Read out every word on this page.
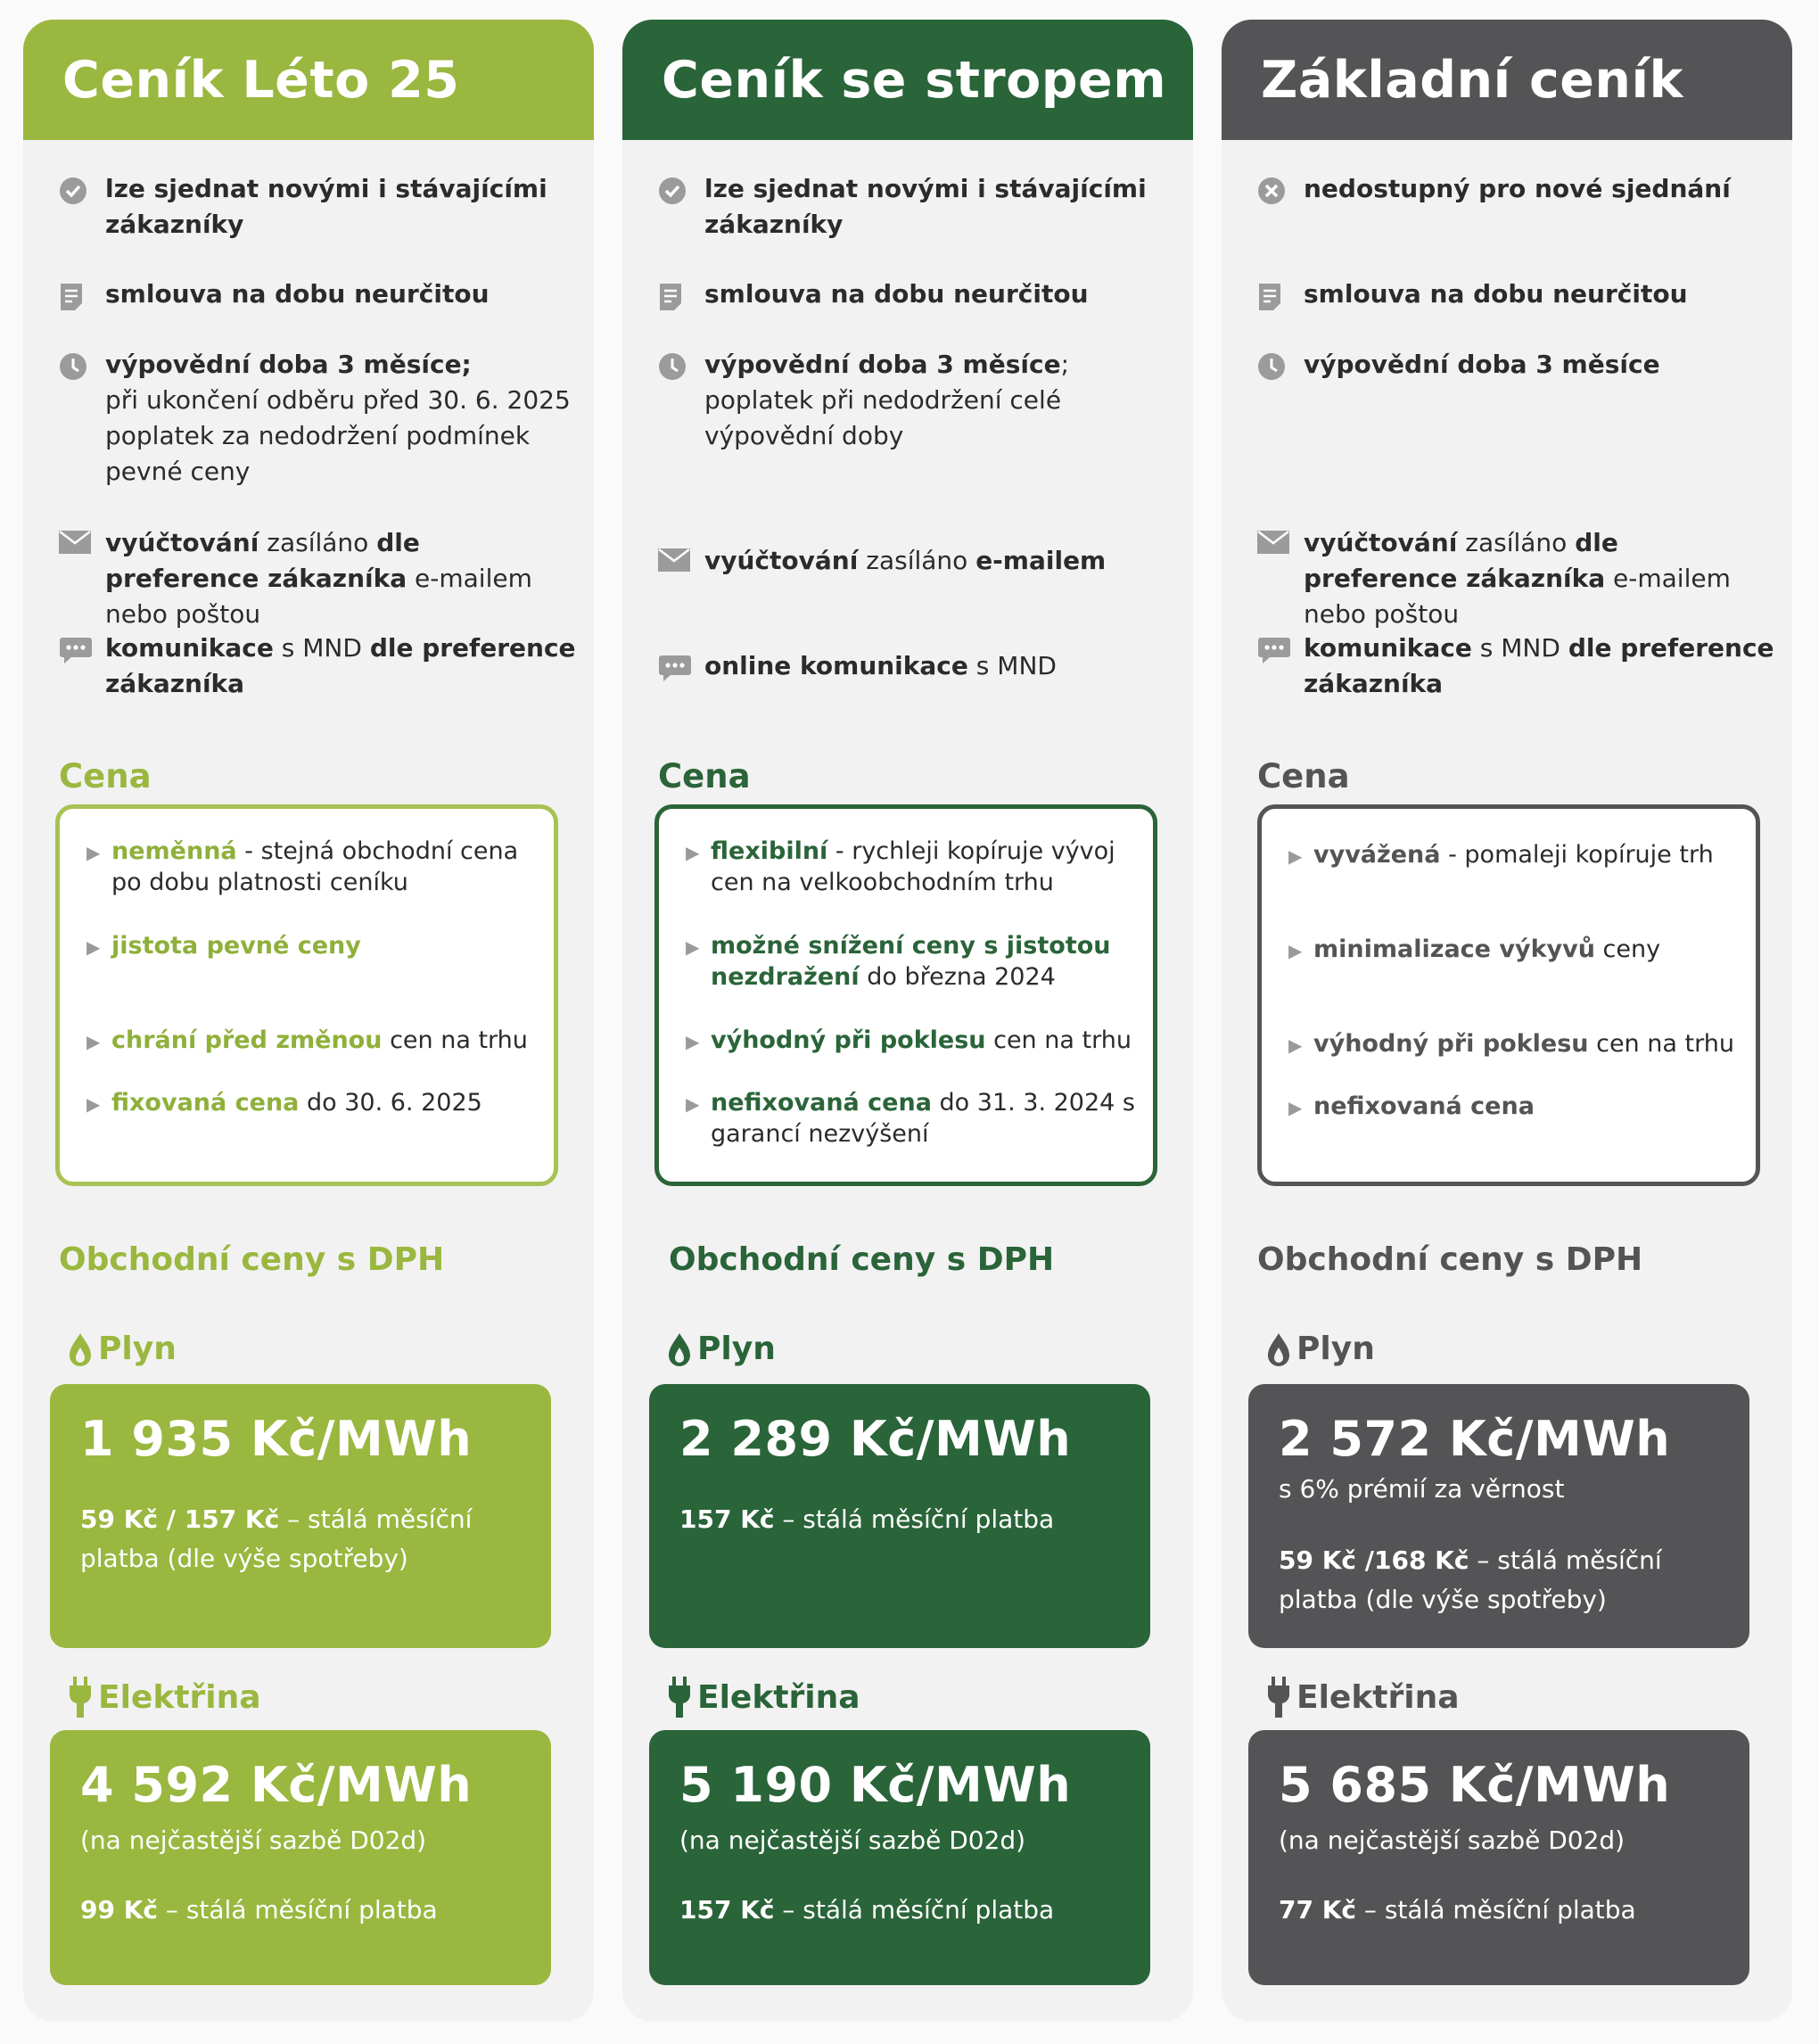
Ceník Léto 25
lze sjednat novými i stávajícími zákazníky
smlouva na dobu neurčitou
výpovědní doba 3 měsíce;
při ukončení odběru před 30. 6. 2025 poplatek za nedodržení podmínek pevné ceny
vyúčtování zasíláno dle preference zákazníka e-mailem nebo poštou
komunikace s MND dle preference zákazníka
Cena
▶ neměnná - stejná obchodní cena po dobu platnosti ceníku
▶ jistota pevné ceny
▶ chrání před změnou cen na trhu
▶ fixovaná cena do 30. 6. 2025
Obchodní ceny s DPH
Plyn

1 935 Kč/MWh

59 Kč / 157 Kč – stálá měsíční platba (dle výše spotřeby)
Elektřina

4 592 Kč/MWh

(na nejčastější sazbě D02d)
99 Kč – stálá měsíční platba
Ceník se stropem
lze sjednat novými i stávajícími zákazníky
smlouva na dobu neurčitou
výpovědní doba 3 měsíce; poplatek při nedodržení celé výpovědní doby
vyúčtování zasíláno e-mailem
online komunikace s MND
Cena
▶ flexibilní - rychleji kopíruje vývoj cen na velkoobchodním trhu
▶ možné snížení ceny s jistotou nezdražení do března 2024
▶ výhodný při poklesu cen na trhu
▶ nefixovaná cena do 31. 3. 2024 s garancí nezvýšení
Obchodní ceny s DPH
Plyn

2 289 Kč/MWh

157 Kč – stálá měsíční platba
Elektřina

5 190 Kč/MWh

(na nejčastější sazbě D02d)
157 Kč – stálá měsíční platba
Základní ceník
nedostupný pro nové sjednání
smlouva na dobu neurčitou
výpovědní doba 3 měsíce
vyúčtování zasíláno dle preference zákazníka e-mailem nebo poštou
komunikace s MND dle preference zákazníka
Cena
▶ vyvážená - pomaleji kopíruje trh
▶ minimalizace výkyvů ceny
▶ výhodný při poklesu cen na trhu
▶ nefixovaná cena
Obchodní ceny s DPH
Plyn

2 572 Kč/MWh

s 6% prémií za věrnost
59 Kč /168 Kč – stálá měsíční platba (dle výše spotřeby)
Elektřina

5 685 Kč/MWh

(na nejčastější sazbě D02d)
77 Kč – stálá měsíční platba
